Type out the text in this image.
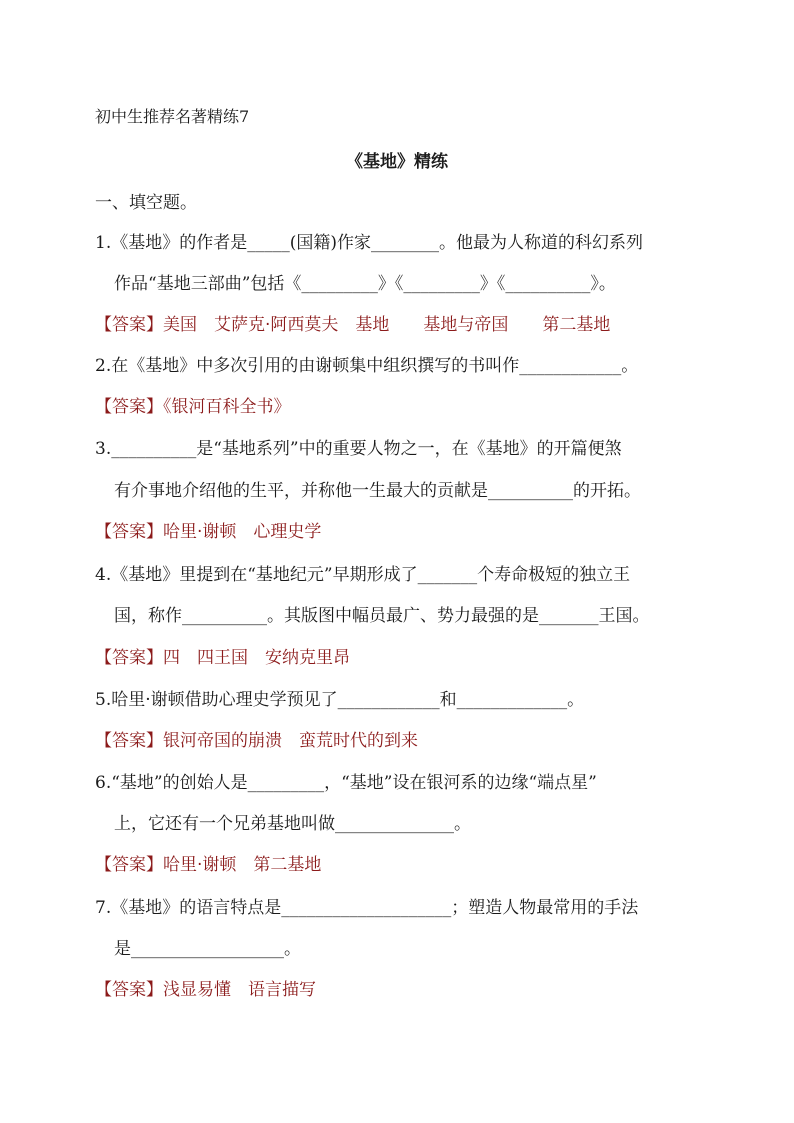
初中生推荐名著精练7
《基地》精练
一、填空题。
1.《基地》的作者是_____(国籍)作家________。他最为人称道的科幻系列
作品“基地三部曲”包括《_________》《_________》《__________》。
【答案】美国　艾萨克·阿西莫夫　基地　　基地与帝国　　第二基地
2.在《基地》中多次引用的由谢顿集中组织撰写的书叫作____________。
【答案】《银河百科全书》
3.__________是“基地系列”中的重要人物之一，在《基地》的开篇便煞
有介事地介绍他的生平，并称他一生最大的贡献是__________的开拓。
【答案】哈里·谢顿　心理史学
4.《基地》里提到在“基地纪元”早期形成了_______个寿命极短的独立王
国，称作__________。其版图中幅员最广、势力最强的是_______王国。
【答案】四　四王国　安纳克里昂
5.哈里·谢顿借助心理史学预见了____________和_____________。
【答案】银河帝国的崩溃　蛮荒时代的到来
6.“基地”的创始人是_________，“基地”设在银河系的边缘“端点星”
上，它还有一个兄弟基地叫做______________。
【答案】哈里·谢顿　第二基地
7.《基地》的语言特点是____________________；塑造人物最常用的手法
是__________________。
【答案】浅显易懂　语言描写
